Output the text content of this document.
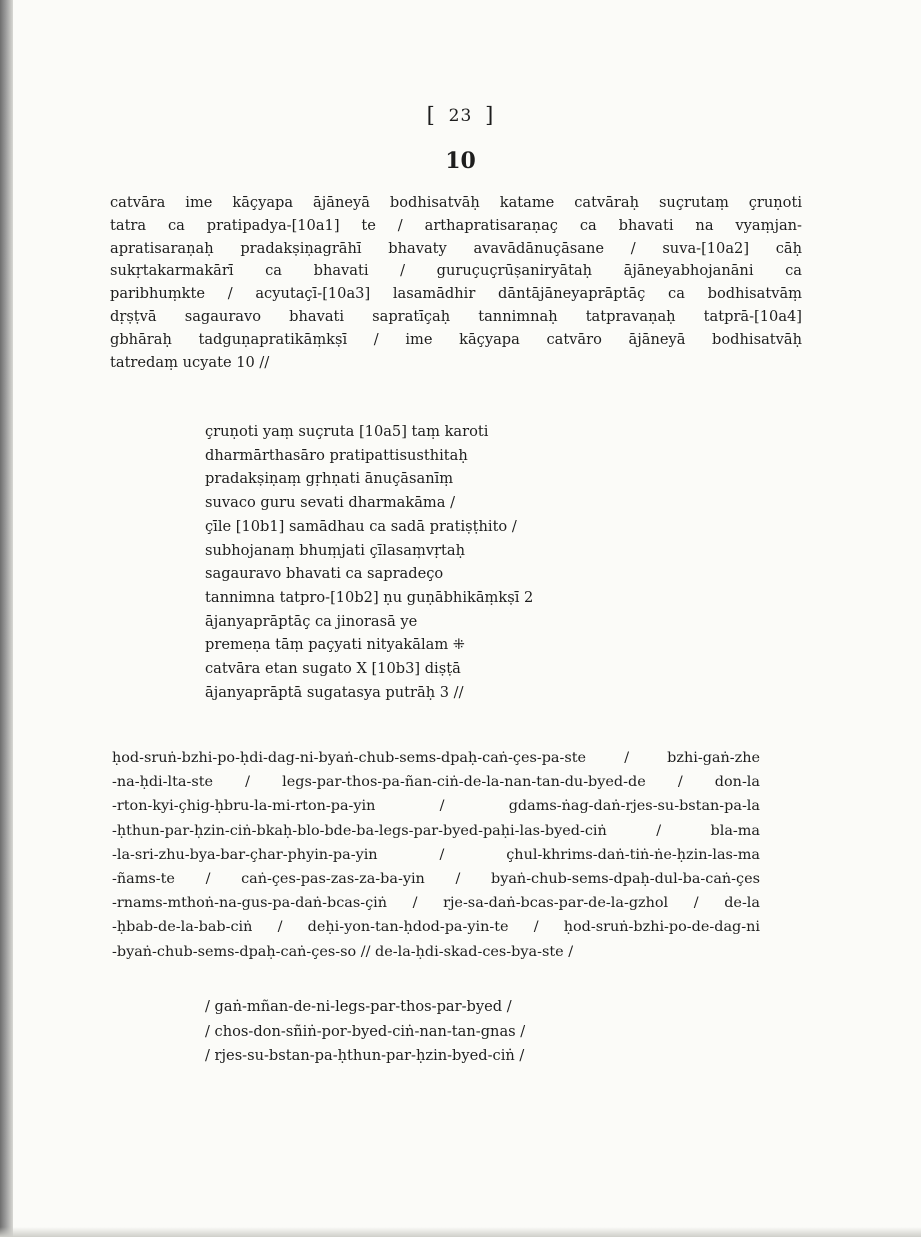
[ 23 ]
10
catvāra ime kāçyapa ājāneyā bodhisatvāḥ katame catvāraḥ suçrutaṃ çruṇoti
tatra ca pratipadya-[10a1] te / arthapratisaraṇaç ca bhavati na vyaṃjan-
apratisaraṇaḥ pradakṣiṇagrāhī bhavaty avavādānuçāsane / suva-[10a2] cāḥ
sukṛtakarmakārī ca bhavati / guruçuçrūṣaniryātaḥ ājāneyabhojanāni ca
paribhuṃkte / acyutaçī-[10a3] lasamādhir dāntājāneyaprāptāç ca bodhisatvāṃ
dṛṣṭvā sagauravo bhavati sapratīçaḥ tannimnaḥ tatpravaṇaḥ tatprā-[10a4]
gbhāraḥ tadguṇapratikāṃkṣī / ime kāçyapa catvāro ājāneyā bodhisatvāḥ
tatredaṃ ucyate 10 //
çruṇoti yaṃ suçruta [10a5] taṃ karoti
dharmārthasāro pratipattisusthitaḥ
pradakṣiṇaṃ gṛhṇati ānuçāsanīṃ
suvaco guru sevati dharmakāma /
çīle [10b1] samādhau ca sadā pratiṣṭhito /
subhojanaṃ bhuṃjati çīlasaṃvṛtaḥ
sagauravo bhavati ca sapradeço
tannimna tatpro-[10b2] ṇu guṇābhikāṃkṣī 2
ājanyaprāptāç ca jinorasā ye
premeṇa tāṃ paçyati nityakālam ⁜
catvāra etan sugato X [10b3] diṣṭā
ājanyaprāptā sugatasya putrāḥ 3 //
ḥod-sruṅ-bzhi-po-ḥdi-dag-ni-byaṅ-chub-sems-dpaḥ-caṅ-çes-pa-ste / bzhi-gaṅ-zhe
-na-ḥdi-lta-ste / legs-par-thos-pa-ñan-ciṅ-de-la-nan-tan-du-byed-de / don-la
-rton-kyi-çhig-ḥbru-la-mi-rton-pa-yin / gdams-ṅag-daṅ-rjes-su-bstan-pa-la
-ḥthun-par-ḥzin-ciṅ-bkaḥ-blo-bde-ba-legs-par-byed-paḥi-las-byed-ciṅ / bla-ma
-la-sri-zhu-bya-bar-çhar-phyin-pa-yin / çhul-khrims-daṅ-tiṅ-ṅe-ḥzin-las-ma
-ñams-te / caṅ-çes-pas-zas-za-ba-yin / byaṅ-chub-sems-dpaḥ-dul-ba-caṅ-çes
-rnams-mthoṅ-na-gus-pa-daṅ-bcas-çiṅ / rje-sa-daṅ-bcas-par-de-la-gzhol / de-la
-ḥbab-de-la-bab-ciṅ / deḥi-yon-tan-ḥdod-pa-yin-te / ḥod-sruṅ-bzhi-po-de-dag-ni
-byaṅ-chub-sems-dpaḥ-caṅ-çes-so // de-la-ḥdi-skad-ces-bya-ste /
/ gaṅ-mñan-de-ni-legs-par-thos-par-byed /
/ chos-don-sñiṅ-por-byed-ciṅ-nan-tan-gnas /
/ rjes-su-bstan-pa-ḥthun-par-ḥzin-byed-ciṅ /
